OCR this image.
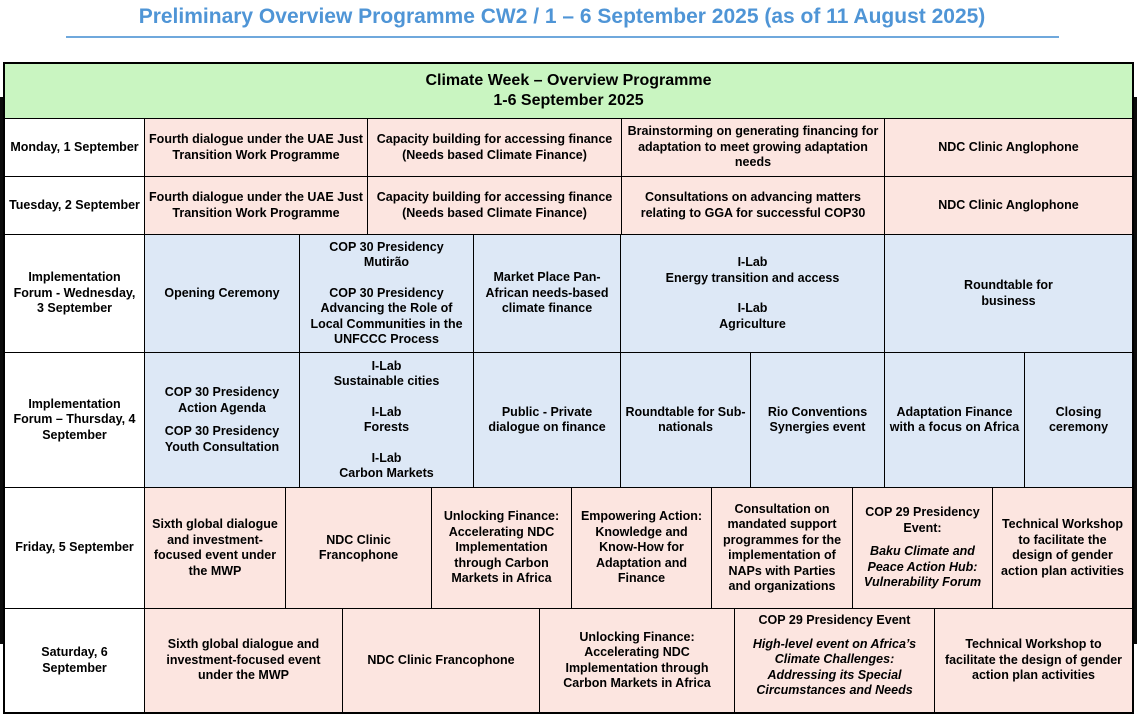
Preliminary Overview Programme CW2 / 1 – 6 September 2025 (as of 11 August 2025)
Climate Week – Overview Programme
1-6 September 2025
Monday, 1 September
Fourth dialogue under the UAE Just Transition Work Programme
Capacity building for accessing finance (Needs based Climate Finance)
Brainstorming on generating financing for adaptation to meet growing adaptation needs
NDC Clinic Anglophone
Tuesday, 2 September
Fourth dialogue under the UAE Just Transition Work Programme
Capacity building for accessing finance (Needs based Climate Finance)
Consultations on advancing matters relating to GGA for successful COP30
NDC Clinic Anglophone
Implementation Forum - Wednesday, 3 September
Opening Ceremony
COP 30 Presidency Mutirão
COP 30 Presidency Advancing the Role of Local Communities in the UNFCCC Process
Market Place Pan-African needs-based climate finance
I-Lab
Energy transition and access
I-Lab
Agriculture
Roundtable for business
Implementation Forum – Thursday, 4 September
COP 30 Presidency Action Agenda
COP 30 Presidency Youth Consultation
I-Lab
Sustainable cities
I-Lab
Forests
I-Lab
Carbon Markets
Public - Private dialogue on finance
Roundtable for Sub-nationals
Rio Conventions Synergies event
Adaptation Finance with a focus on Africa
Closing ceremony
Friday, 5 September
Sixth global dialogue and investment-focused event under the MWP
NDC Clinic Francophone
Unlocking Finance: Accelerating NDC Implementation through Carbon Markets in Africa
Empowering Action: Knowledge and Know-How for Adaptation and Finance
Consultation on mandated support programmes for the implementation of NAPs with Parties and organizations
COP 29 Presidency Event:
Baku Climate and Peace Action Hub: Vulnerability Forum
Technical Workshop to facilitate the design of gender action plan activities
Saturday, 6 September
Sixth global dialogue and investment-focused event under the MWP
NDC Clinic Francophone
Unlocking Finance: Accelerating NDC Implementation through Carbon Markets in Africa
COP 29 Presidency Event
High-level event on Africa’s Climate Challenges: Addressing its Special Circumstances and Needs
Technical Workshop to facilitate the design of gender action plan activities
